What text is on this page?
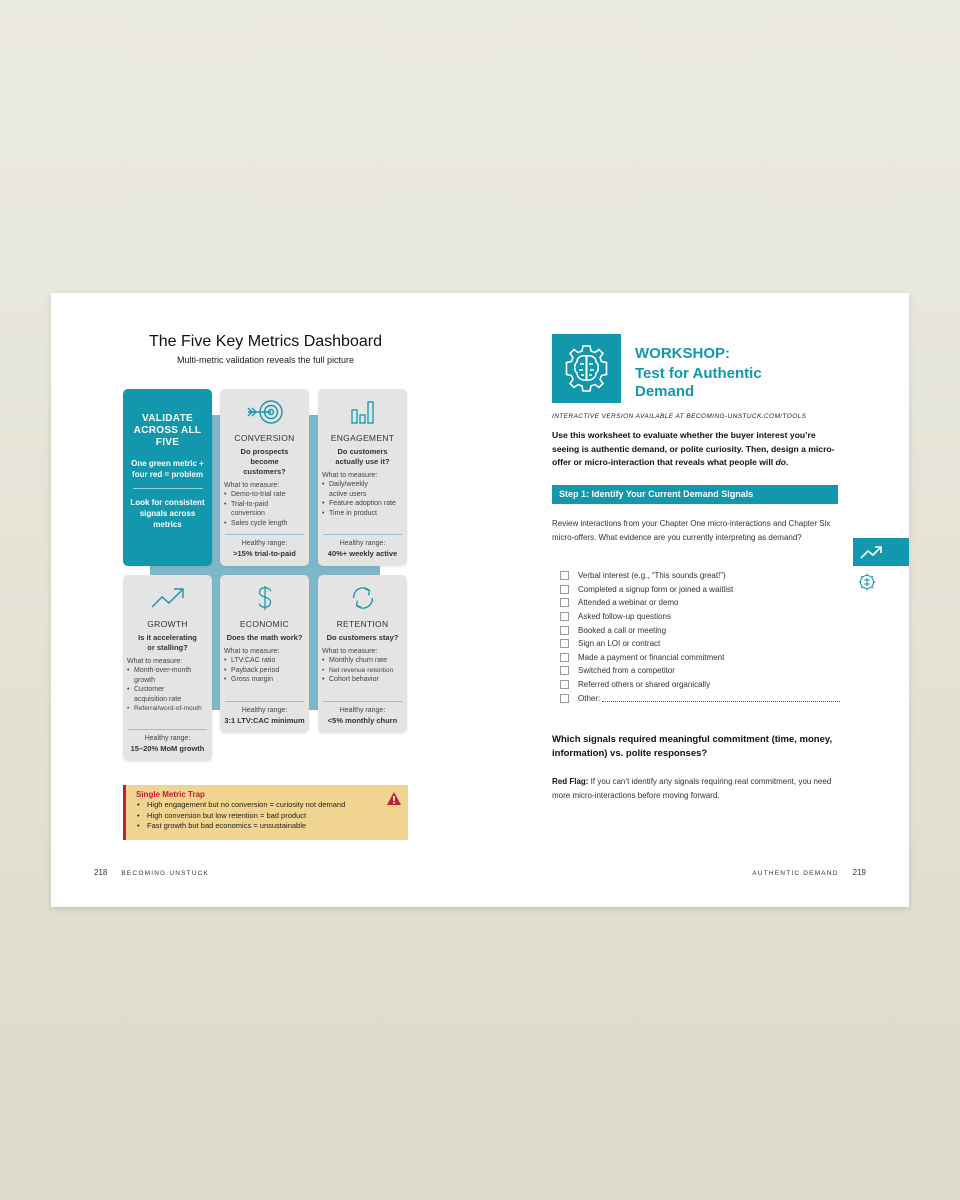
The Five Key Metrics Dashboard
Multi-metric validation reveals the full picture
VALIDATE ACROSS ALL FIVE
One green metric + four red = problem
Look for consistent signals across metrics
CONVERSION
Do prospects become customers?
What to measure:
• Demo-to-trial rate
• Trial-to-paid conversion
• Sales cycle length
Healthy range:
>15% trial-to-paid
ENGAGEMENT
Do customers actually use it?
What to measure:
• Daily/weekly active users
• Feature adoption rate
• Time in product
Healthy range:
40%+ weekly active
GROWTH
Is it accelerating or stalling?
What to measure:
• Month-over-month growth
• Customer acquisition rate
• Referral/word-of-mouth
Healthy range:
15–20% MoM growth
ECONOMIC
Does the math work?
What to measure:
• LTV:CAC ratio
• Payback period
• Gross margin
Healthy range:
3:1 LTV:CAC minimum
RETENTION
Do customers stay?
What to measure:
• Monthly churn rate
• Net revenue retention
• Cohort behavior
Healthy range:
<5% monthly churn
Single Metric Trap
• High engagement but no conversion = curiosity not demand
• High conversion but low retention = bad product
• Fast growth but bad economics = unsustainable
218 BECOMING UNSTUCK
WORKSHOP:
Test for Authentic Demand
INTERACTIVE VERSION AVAILABLE AT BECOMING-UNSTUCK.COM/TOOLS
Use this worksheet to evaluate whether the buyer interest you’re seeing is authentic demand, or polite curiosity. Then, design a micro-offer or micro-interaction that reveals what people will do.
Step 1: Identify Your Current Demand Signals
Review interactions from your Chapter One micro-interactions and Chapter Six micro-offers. What evidence are you currently interpreting as demand?
Verbal interest (e.g., “This sounds great!”)
Completed a signup form or joined a waitlist
Attended a webinar or demo
Asked follow-up questions
Booked a call or meeting
Sign an LOI or contract
Made a payment or financial commitment
Switched from a competitor
Referred others or shared organically
Other:
Which signals required meaningful commitment (time, money, information) vs. polite responses?
Red Flag: If you can’t identify any signals requiring real commitment, you need more micro-interactions before moving forward.
AUTHENTIC DEMAND 219
